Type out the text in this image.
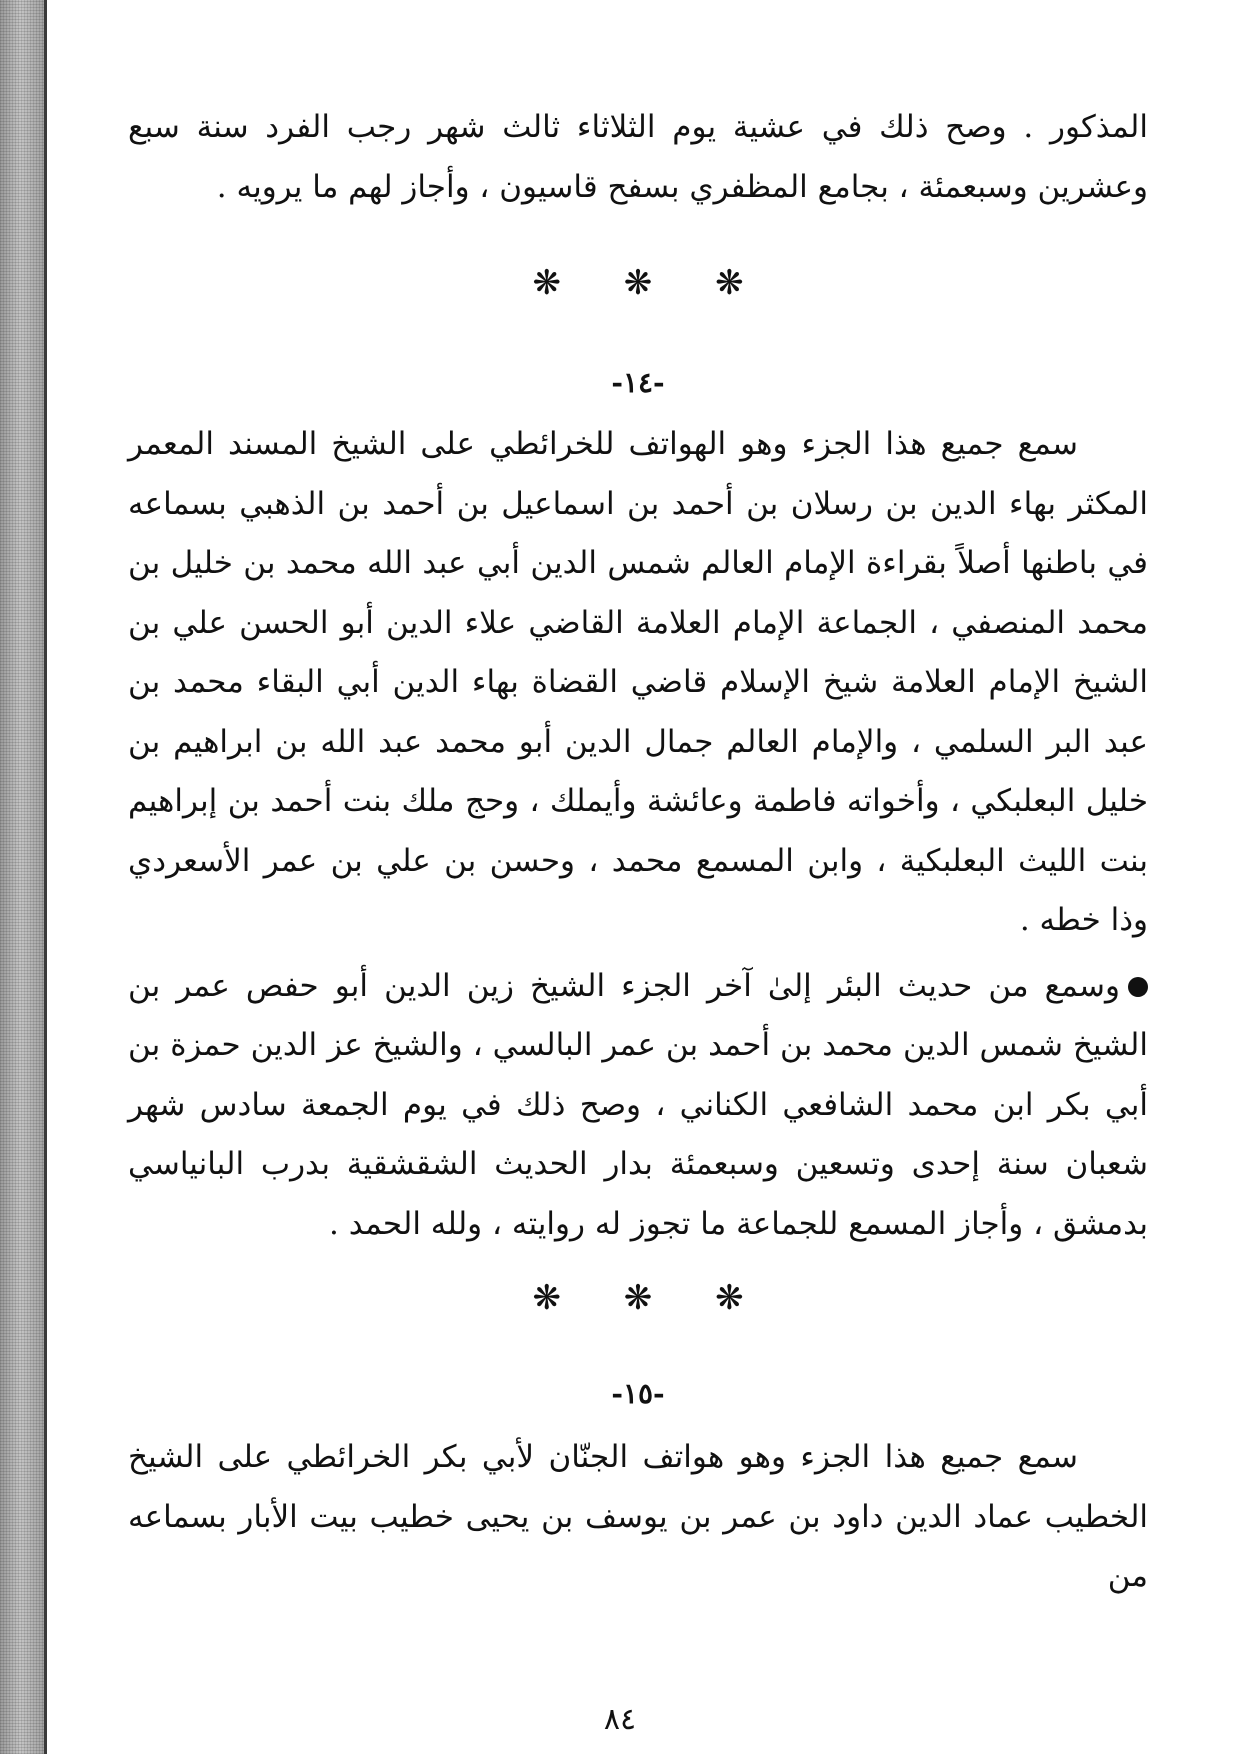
المذكور . وصح ذلك في عشية يوم الثلاثاء ثالث شهر رجب الفرد سنة سبع وعشرين وسبعمئة ، بجامع المظفري بسفح قاسيون ، وأجاز لهم ما يرويه .

❋ ❋ ❋
-١٤-

سمع جميع هذا الجزء وهو الهواتف للخرائطي على الشيخ المسند المعمر المكثر بهاء الدين بن رسلان بن أحمد بن اسماعيل بن أحمد بن الذهبي بسماعه في باطنها أصلاً بقراءة الإمام العالم شمس الدين أبي عبد الله محمد بن خليل بن محمد المنصفي ، الجماعة الإمام العلامة القاضي علاء الدين أبو الحسن علي بن الشيخ الإمام العلامة شيخ الإسلام قاضي القضاة بهاء الدين أبي البقاء محمد بن عبد البر السلمي ، والإمام العالم جمال الدين أبو محمد عبد الله بن ابراهيم بن خليل البعلبكي ، وأخواته فاطمة وعائشة وأيملك ، وحج ملك بنت أحمد بن إبراهيم بنت الليث البعلبكية ، وابن المسمع محمد ، وحسن بن علي بن عمر الأسعردي وذا خطه .

وسمع من حديث البئر إلىٰ آخر الجزء الشيخ زين الدين أبو حفص عمر بن الشيخ شمس الدين محمد بن أحمد بن عمر البالسي ، والشيخ عز الدين حمزة بن أبي بكر ابن محمد الشافعي الكناني ، وصح ذلك في يوم الجمعة سادس شهر شعبان سنة إحدى وتسعين وسبعمئة بدار الحديث الشقشقية بدرب البانياسي بدمشق ، وأجاز المسمع للجماعة ما تجوز له روايته ، ولله الحمد .

❋ ❋ ❋
-١٥-

سمع جميع هذا الجزء وهو هواتف الجنّان لأبي بكر الخرائطي على الشيخ الخطيب عماد الدين داود بن عمر بن يوسف بن يحيى خطيب بيت الأبار بسماعه من

٨٤
